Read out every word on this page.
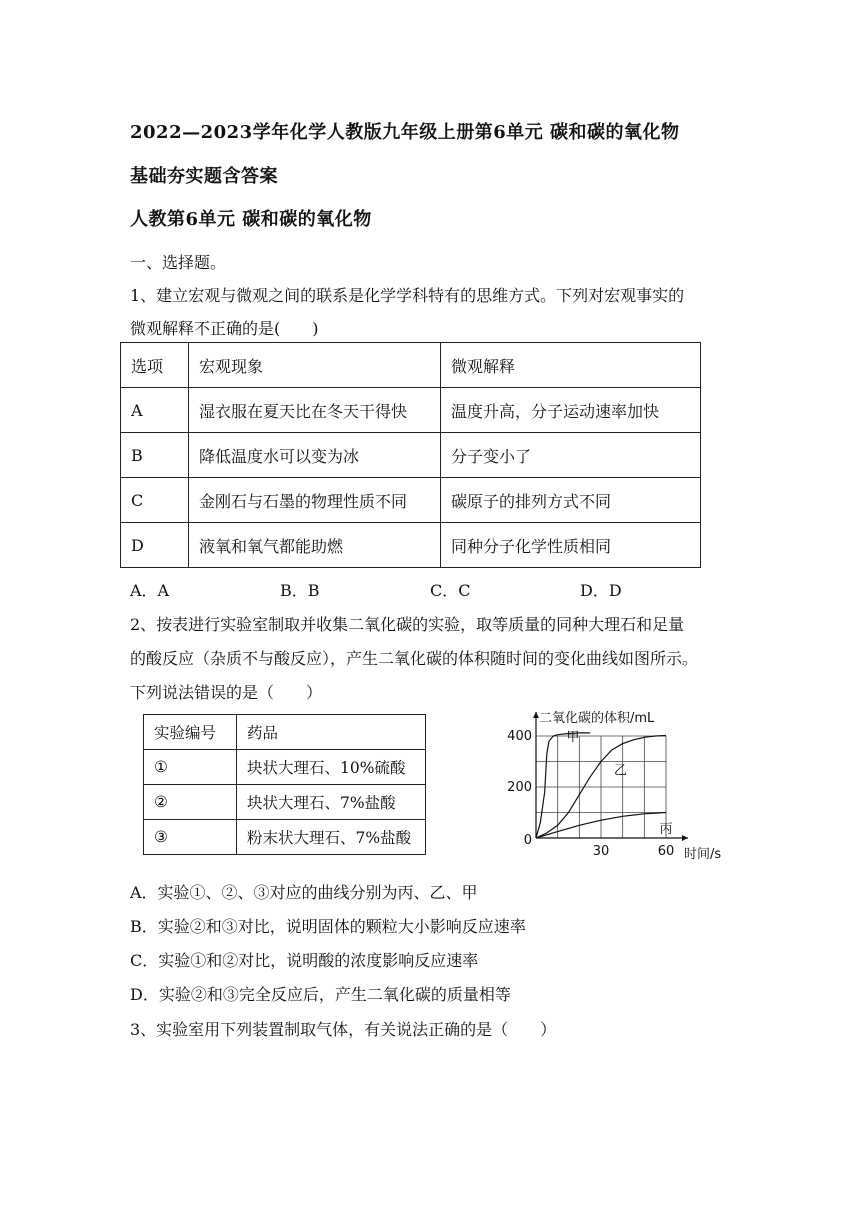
2022—2023学年化学人教版九年级上册第6单元 碳和碳的氧化物
基础夯实题含答案
人教第6单元 碳和碳的氧化物
一、选择题。
1、建立宏观与微观之间的联系是化学学科特有的思维方式。下列对宏观事实的
微观解释不正确的是(　　)
选项	宏观现象	微观解释
A	湿衣服在夏天比在冬天干得快	温度升高，分子运动速率加快
B	降低温度水可以变为冰	分子变小了
C	金刚石与石墨的物理性质不同	碳原子的排列方式不同
D	液氧和氧气都能助燃	同种分子化学性质相同
A．A	B．B	C．C	D．D
2、按表进行实验室制取并收集二氧化碳的实验，取等质量的同种大理石和足量
的酸反应（杂质不与酸反应），产生二氧化碳的体积随时间的变化曲线如图所示。
下列说法错误的是（　　）
实验编号	药品
①	块状大理石、10%硫酸
②	块状大理石、7%盐酸
③	粉末状大理石、7%盐酸
甲
乙
丙
200
400
30	60
0
二氧化碳的体积/mL
时间/s
A．实验①、②、③对应的曲线分别为丙、乙、甲
B．实验②和③对比，说明固体的颗粒大小影响反应速率
C．实验①和②对比，说明酸的浓度影响反应速率
D．实验②和③完全反应后，产生二氧化碳的质量相等
3、实验室用下列装置制取气体，有关说法正确的是（　　）
